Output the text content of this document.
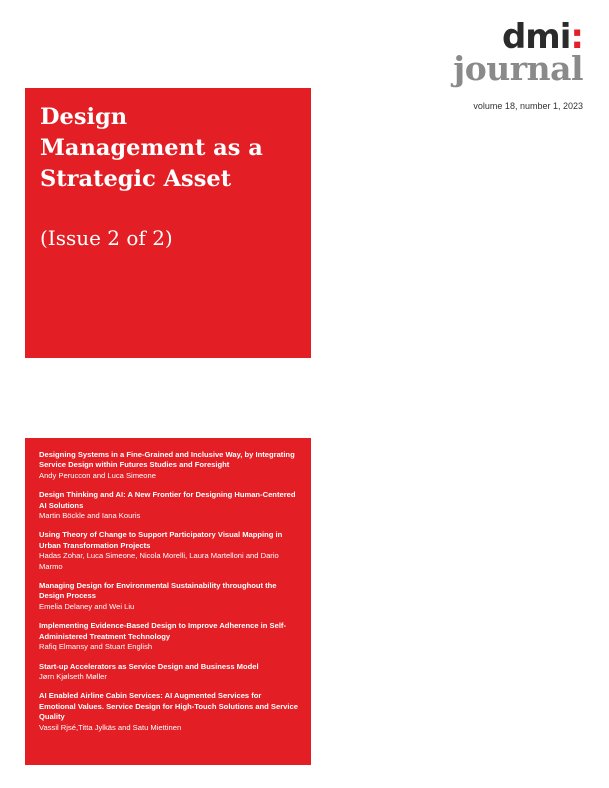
dmi:
journal
volume 18, number 1, 2023
Design
Management as a
Strategic Asset
(Issue 2 of 2)
Designing Systems in a Fine-Grained and Inclusive Way, by Integrating Service Design within Futures Studies and Foresight
Andy Peruccon and Luca Simeone
Design Thinking and AI: A New Frontier for Designing Human-Centered AI Solutions
Martin Böckle and Iana Kouris
Using Theory of Change to Support Participatory Visual Mapping in Urban Transformation Projects
Hadas Zohar, Luca Simeone, Nicola Morelli, Laura Martelloni and Dario Marmo
Managing Design for Environmental Sustainability throughout the Design Process
Emelia Delaney and Wei Liu
Implementing Evidence-Based Design to Improve Adherence in Self-Administered Treatment Technology
Rafiq Elmansy and Stuart English
Start-up Accelerators as Service Design and Business Model
Jørn Kjølseth Møller
AI Enabled Airline Cabin Services: AI Augmented Services for Emotional Values. Service Design for High-Touch Solutions and Service Quality
Vassil Rjsé,Titta Jylkäs and Satu Miettinen
